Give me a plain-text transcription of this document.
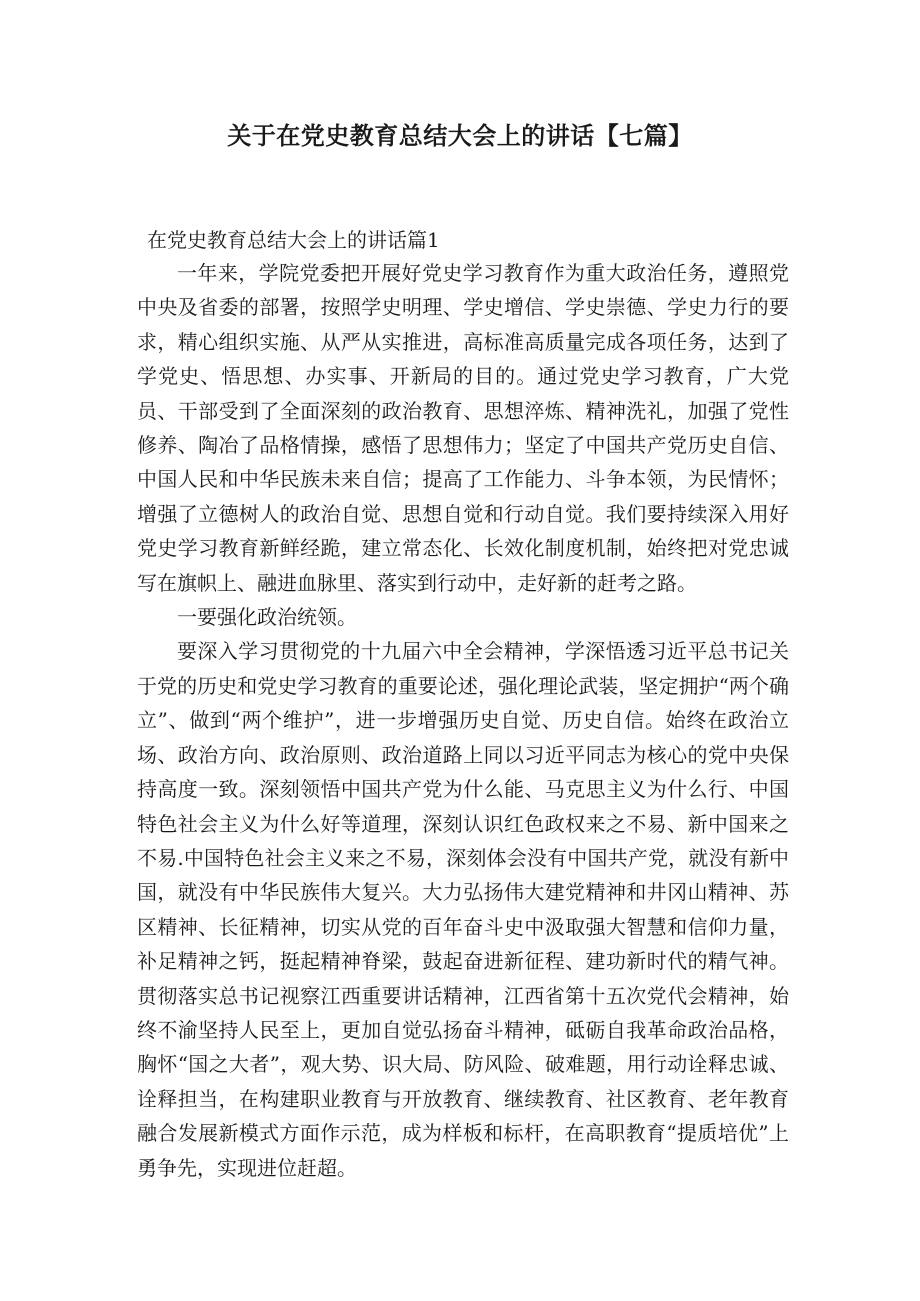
关于在党史教育总结大会上的讲话【七篇】
在党史教育总结大会上的讲话篇1

一年来，学院党委把开展好党史学习教育作为重大政治任务，遵照党中央及省委的部署，按照学史明理、学史增信、学史崇德、学史力行的要求，精心组织实施、从严从实推进，高标准高质量完成各项任务，达到了学党史、悟思想、办实事、开新局的目的。通过党史学习教育，广大党员、干部受到了全面深刻的政治教育、思想淬炼、精神洗礼，加强了党性修养、陶冶了品格情操，感悟了思想伟力；坚定了中国共产党历史自信、中国人民和中华民族未来自信；提高了工作能力、斗争本领，为民情怀；增强了立德树人的政治自觉、思想自觉和行动自觉。我们要持续深入用好党史学习教育新鲜经跪，建立常态化、长效化制度机制，始终把对党忠诚写在旗帜上、融进血脉里、落实到行动中，走好新的赶考之路。

一要强化政治统领。

要深入学习贯彻党的十九届六中全会精神，学深悟透习近平总书记关于党的历史和党史学习教育的重要论述，强化理论武装，坚定拥护“两个确立”、做到“两个维护”，进一步增强历史自觉、历史自信。始终在政治立场、政治方向、政治原则、政治道路上同以习近平同志为核心的党中央保持高度一致。深刻领悟中国共产党为什么能、马克思主义为什么行、中国特色社会主义为什么好等道理，深刻认识红色政权来之不易、新中国来之不易.中国特色社会主义来之不易，深刻体会没有中国共产党，就没有新中国，就没有中华民族伟大复兴。大力弘扬伟大建党精神和井冈山精神、苏区精神、长征精神，切实从党的百年奋斗史中汲取强大智慧和信仰力量，补足精神之钙，挺起精神脊梁，鼓起奋进新征程、建功新时代的精气神。贯彻落实总书记视察江西重要讲话精神，江西省第十五次党代会精神，始终不渝坚持人民至上，更加自觉弘扬奋斗精神，砥砺自我革命政治品格，胸怀“国之大者”，观大势、识大局、防风险、破难题，用行动诠释忠诚、诠释担当，在构建职业教育与开放教育、继续教育、社区教育、老年教育融合发展新模式方面作示范，成为样板和标杆，在高职教育“提质培优”上勇争先，实现进位赶超。
